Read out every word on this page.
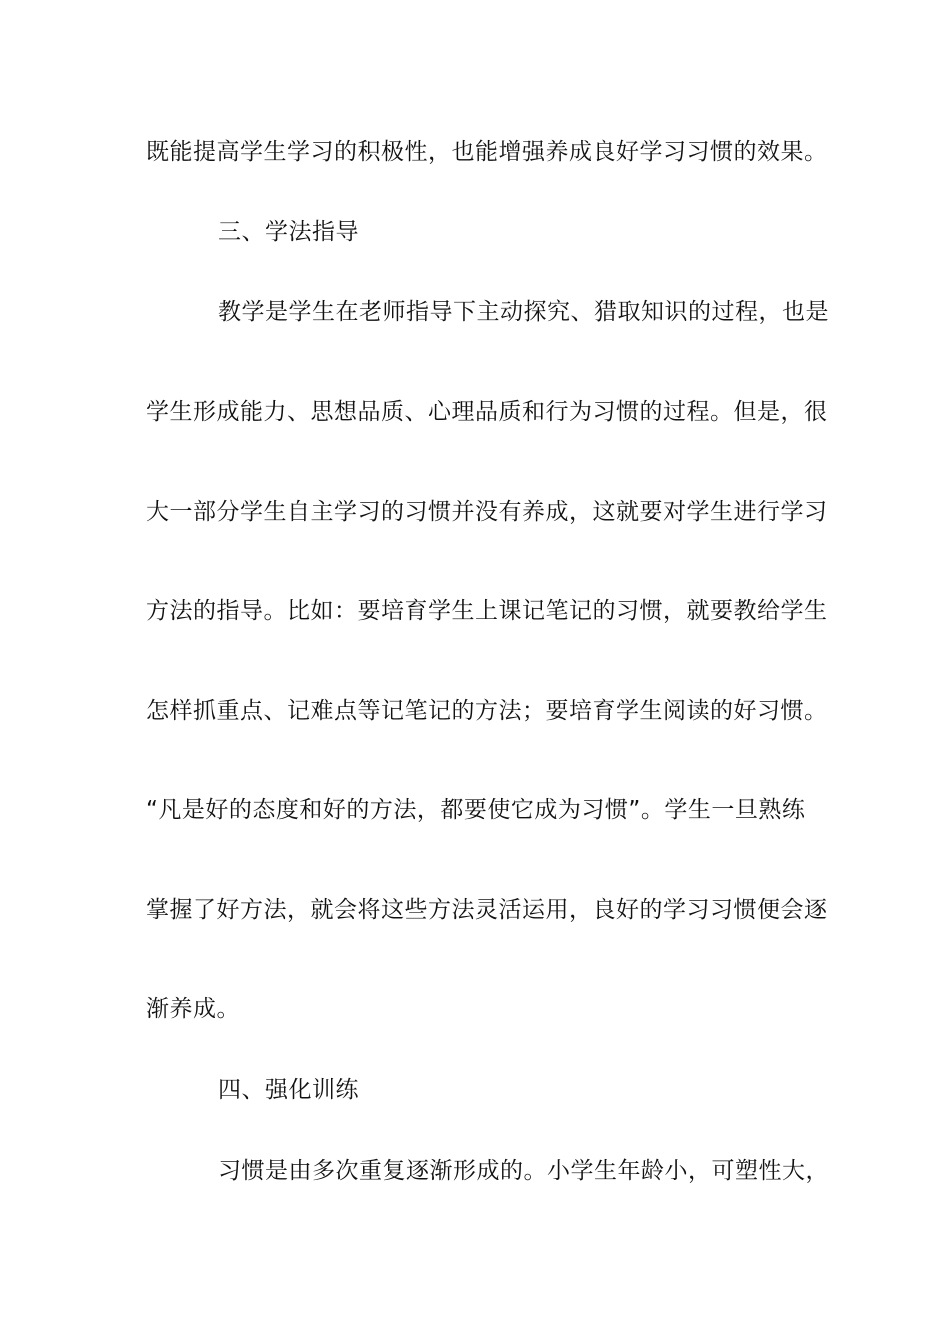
既能提高学生学习的积极性，也能增强养成良好学习习惯的效果。
三、学法指导
教学是学生在老师指导下主动探究、猎取知识的过程，也是
学生形成能力、思想品质、心理品质和行为习惯的过程。但是，很
大一部分学生自主学习的习惯并没有养成，这就要对学生进行学习
方法的指导。比如：要培育学生上课记笔记的习惯，就要教给学生
怎样抓重点、记难点等记笔记的方法；要培育学生阅读的好习惯。
“凡是好的态度和好的方法，都要使它成为习惯”。学生一旦熟练
掌握了好方法，就会将这些方法灵活运用，良好的学习习惯便会逐
渐养成。
四、强化训练
习惯是由多次重复逐渐形成的。小学生年龄小，可塑性大，
